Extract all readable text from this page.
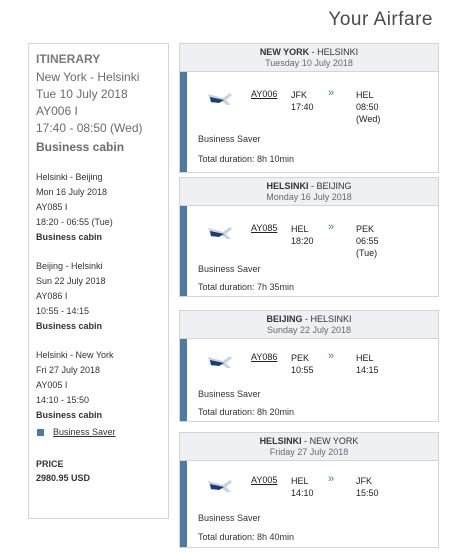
Your Airfare
ITINERARY
New York - Helsinki
Tue 10 July 2018
AY006 I
17:40 - 08:50 (Wed)
Business cabin
Helsinki - Beijing
Mon 16 July 2018
AY085 I
18:20 - 06:55 (Tue)
Business cabin
Beijing - Helsinki
Sun 22 July 2018
AY086 I
10:55 - 14:15
Business cabin
Helsinki - New York
Fri 27 July 2018
AY005 I
14:10 - 15:50
Business cabin
Business Saver
PRICE
2980.95 USD
NEW YORK - HELSINKI
Tuesday 10 July 2018
AY006 JFK
17:40
»	HEL
08:50
(Wed)
Business Saver
Total duration: 8h 10min
HELSINKI - BEIJING
Monday 16 July 2018
AY085 HEL
18:20
»	PEK
06:55
(Tue)
Business Saver
Total duration: 7h 35min
BEIJING - HELSINKI
Sunday 22 July 2018
AY086 PEK
10:55
»	HEL
14:15
Business Saver
Total duration: 8h 20min
HELSINKI - NEW YORK
Friday 27 July 2018
AY005 HEL
14:10
»	JFK
15:50
Business Saver
Total duration: 8h 40min
